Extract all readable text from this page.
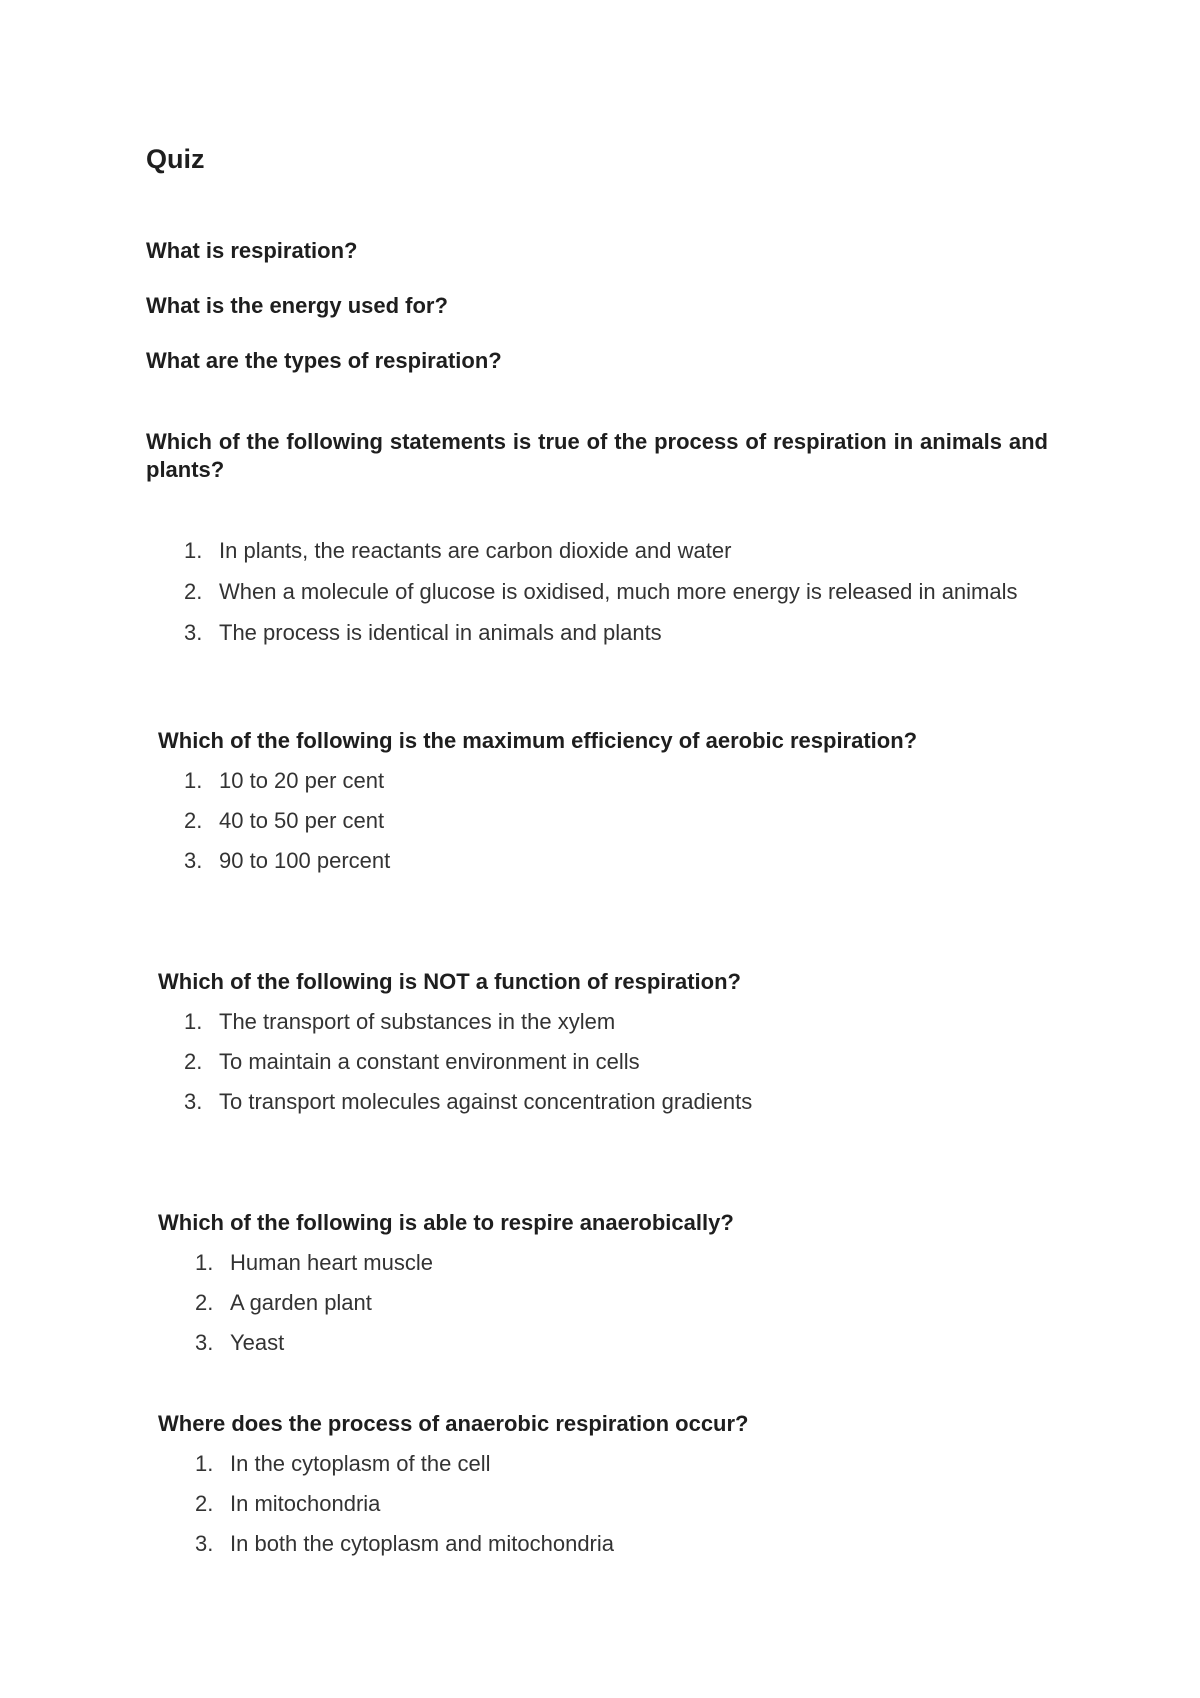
Quiz

What is respiration?

What is the energy used for?

What are the types of respiration?

Which of the following statements is true of the process of respiration in animals and plants?

1. In plants, the reactants are carbon dioxide and water
2. When a molecule of glucose is oxidised, much more energy is released in animals
3. The process is identical in animals and plants

Which of the following is the maximum efficiency of aerobic respiration?

1. 10 to 20 per cent
2. 40 to 50 per cent
3. 90 to 100 percent

Which of the following is NOT a function of respiration?

1. The transport of substances in the xylem
2. To maintain a constant environment in cells
3. To transport molecules against concentration gradients

Which of the following is able to respire anaerobically?

1. Human heart muscle
2. A garden plant
3. Yeast

Where does the process of anaerobic respiration occur?

1. In the cytoplasm of the cell
2. In mitochondria
3. In both the cytoplasm and mitochondria
